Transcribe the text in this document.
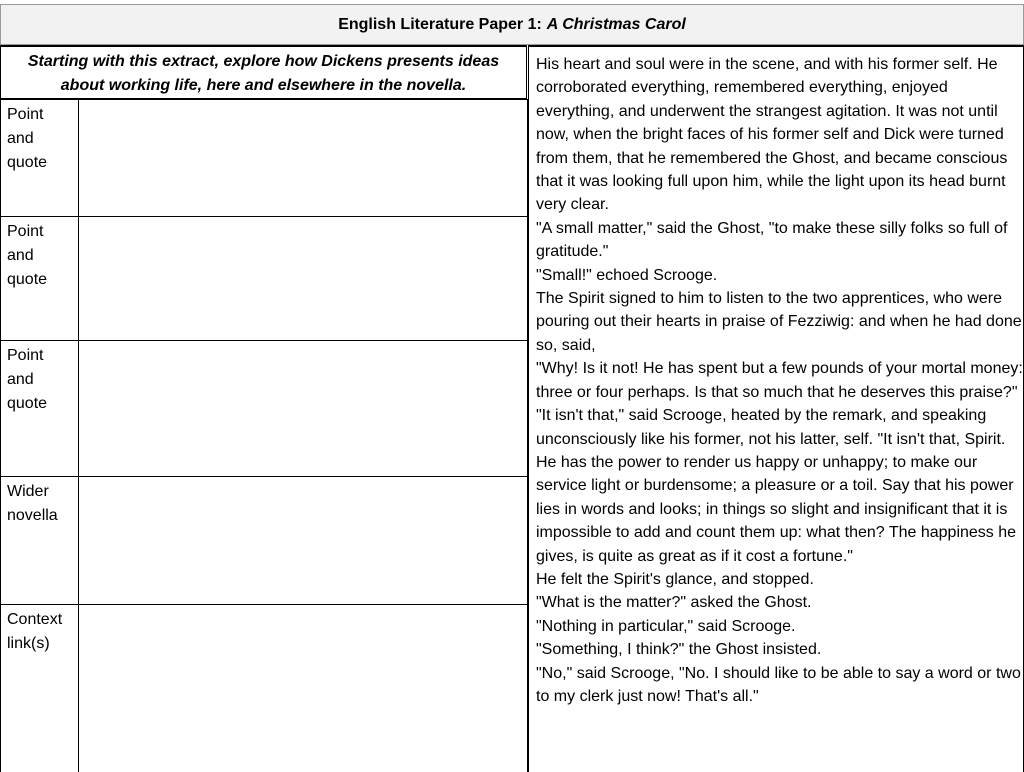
English Literature Paper 1: A Christmas Carol
Starting with this extract, explore how Dickens presents ideas about working life, here and elsewhere in the novella.
Point
and
quote
Point
and
quote
Point
and
quote
Wider
novella
Context
link(s)

His heart and soul were in the scene, and with his former self. He corroborated everything, remembered everything, enjoyed everything, and underwent the strangest agitation. It was not until now, when the bright faces of his former self and Dick were turned from them, that he remembered the Ghost, and became conscious that it was looking full upon him, while the light upon its head burnt very clear.

"A small matter," said the Ghost, "to make these silly folks so full of gratitude."

"Small!" echoed Scrooge.

The Spirit signed to him to listen to the two apprentices, who were pouring out their hearts in praise of Fezziwig: and when he had done so, said,

"Why! Is it not! He has spent but a few pounds of your mortal money: three or four perhaps. Is that so much that he deserves this praise?"

"It isn't that," said Scrooge, heated by the remark, and speaking unconsciously like his former, not his latter, self. "It isn't that, Spirit. He has the power to render us happy or unhappy; to make our service light or burdensome; a pleasure or a toil. Say that his power lies in words and looks; in things so slight and insignificant that it is impossible to add and count them up: what then? The happiness he gives, is quite as great as if it cost a fortune."

He felt the Spirit's glance, and stopped.

"What is the matter?" asked the Ghost.

"Nothing in particular," said Scrooge.

"Something, I think?" the Ghost insisted.

"No," said Scrooge, "No. I should like to be able to say a word or two to my clerk just now! That's all."
